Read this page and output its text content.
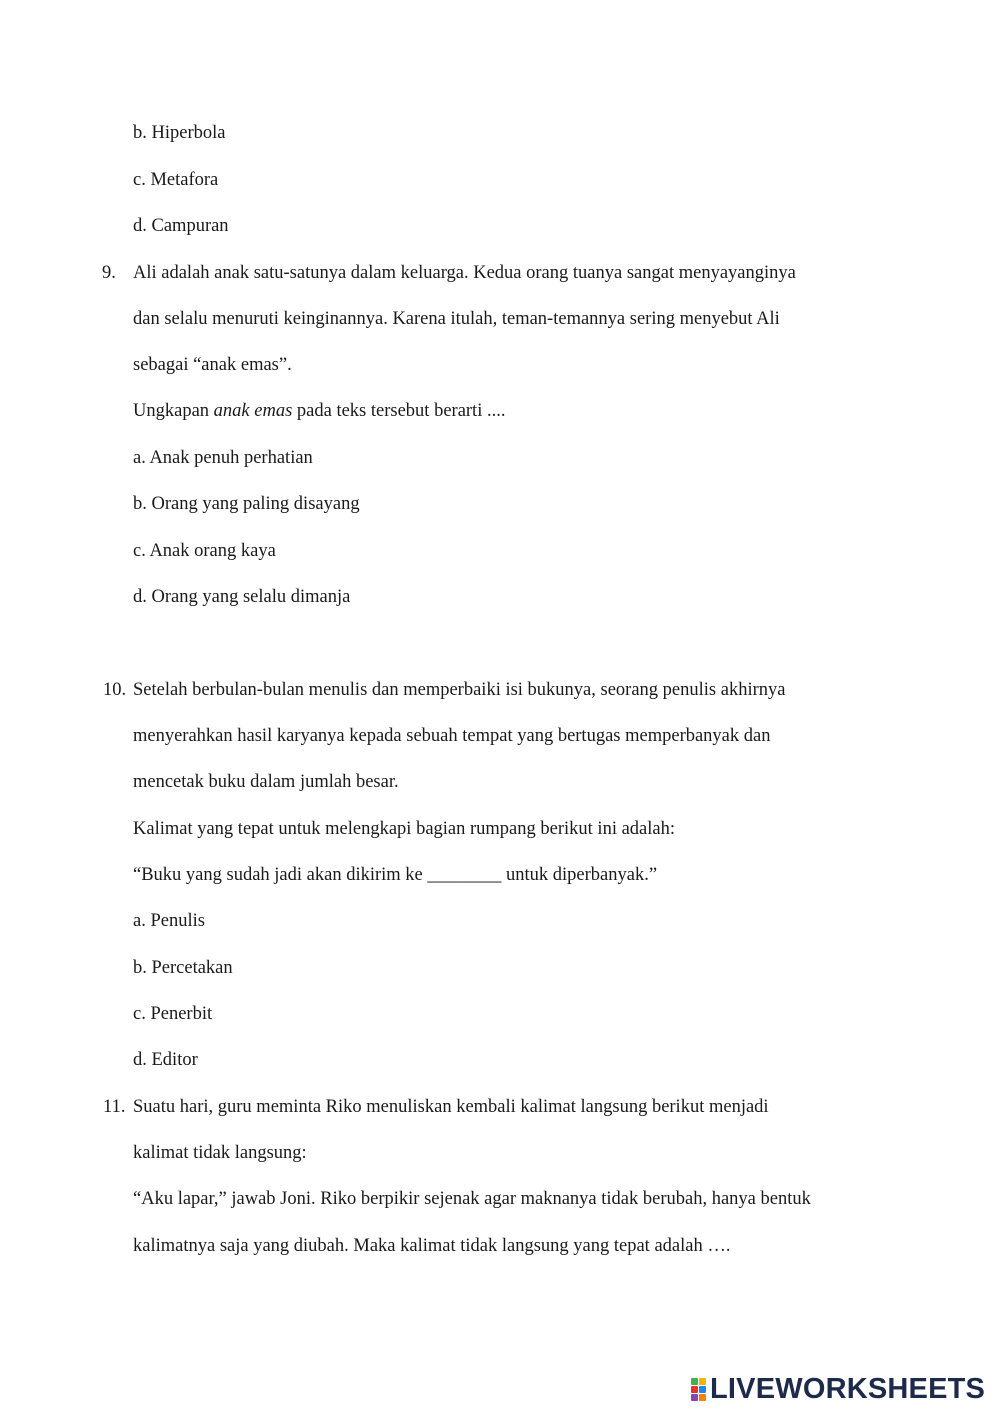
b. Hiperbola
c. Metafora
d. Campuran
9. Ali adalah anak satu-satunya dalam keluarga. Kedua orang tuanya sangat menyayanginya
dan selalu menuruti keinginannya. Karena itulah, teman-temannya sering menyebut Ali
sebagai “anak emas”.
Ungkapan anak emas pada teks tersebut berarti ....
a. Anak penuh perhatian
b. Orang yang paling disayang
c. Anak orang kaya
d. Orang yang selalu dimanja
10. Setelah berbulan-bulan menulis dan memperbaiki isi bukunya, seorang penulis akhirnya
menyerahkan hasil karyanya kepada sebuah tempat yang bertugas memperbanyak dan
mencetak buku dalam jumlah besar.
Kalimat yang tepat untuk melengkapi bagian rumpang berikut ini adalah:
“Buku yang sudah jadi akan dikirim ke ________ untuk diperbanyak.”
a. Penulis
b. Percetakan
c. Penerbit
d. Editor
11. Suatu hari, guru meminta Riko menuliskan kembali kalimat langsung berikut menjadi
kalimat tidak langsung:
“Aku lapar,” jawab Joni. Riko berpikir sejenak agar maknanya tidak berubah, hanya bentuk
kalimatnya saja yang diubah. Maka kalimat tidak langsung yang tepat adalah ….
LIVEWORKSHEETS
